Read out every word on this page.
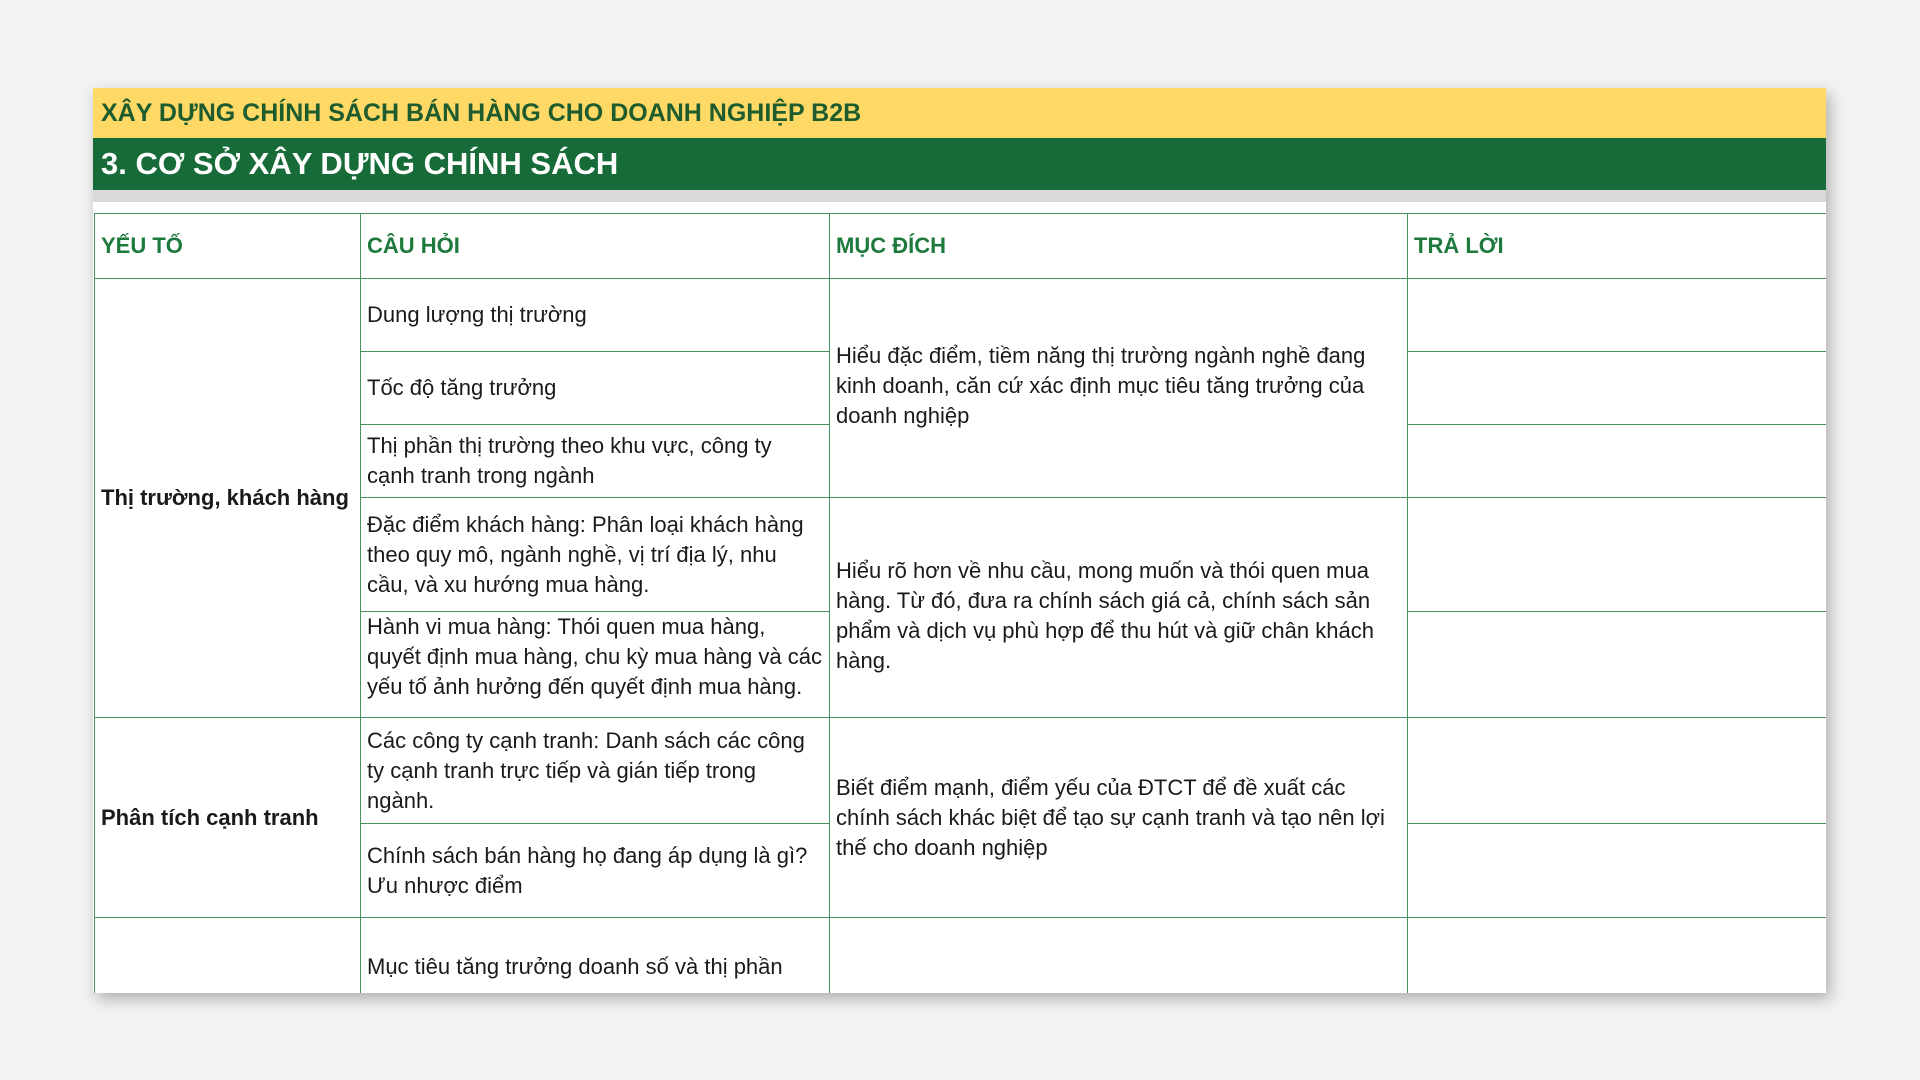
XÂY DỰNG CHÍNH SÁCH BÁN HÀNG CHO DOANH NGHIỆP B2B
3. CƠ SỞ XÂY DỰNG CHÍNH SÁCH
YẾU TỐ	CÂU HỎI	MỤC ĐÍCH	TRẢ LỜI
Thị trường, khách hàng	Dung lượng thị trường	Hiểu đặc điểm, tiềm năng thị trường ngành nghề đang kinh doanh, căn cứ xác định mục tiêu tăng trưởng của doanh nghiệp	
	Tốc độ tăng trưởng		
	Thị phần thị trường theo khu vực, công ty cạnh tranh trong ngành		
	Đặc điểm khách hàng: Phân loại khách hàng theo quy mô, ngành nghề, vị trí địa lý, nhu cầu, và xu hướng mua hàng.	Hiểu rõ hơn về nhu cầu, mong muốn và thói quen mua hàng. Từ đó, đưa ra chính sách giá cả, chính sách sản phẩm và dịch vụ phù hợp để thu hút và giữ chân khách hàng.	

	Hành vi mua hàng: Thói quen mua hàng, quyết định mua hàng, chu kỳ mua hàng và các yếu tố ảnh hưởng đến quyết định mua hàng.		

Phân tích cạnh tranh	Các công ty cạnh tranh: Danh sách các công ty cạnh tranh trực tiếp và gián tiếp trong ngành.	Biết điểm mạnh, điểm yếu của ĐTCT để đề xuất các chính sách khác biệt để tạo sự cạnh tranh và tạo nên lợi thế cho doanh nghiệp	
	Chính sách bán hàng họ đang áp dụng là gì? Ưu nhược điểm		
	Mục tiêu tăng trưởng doanh số và thị phần		
